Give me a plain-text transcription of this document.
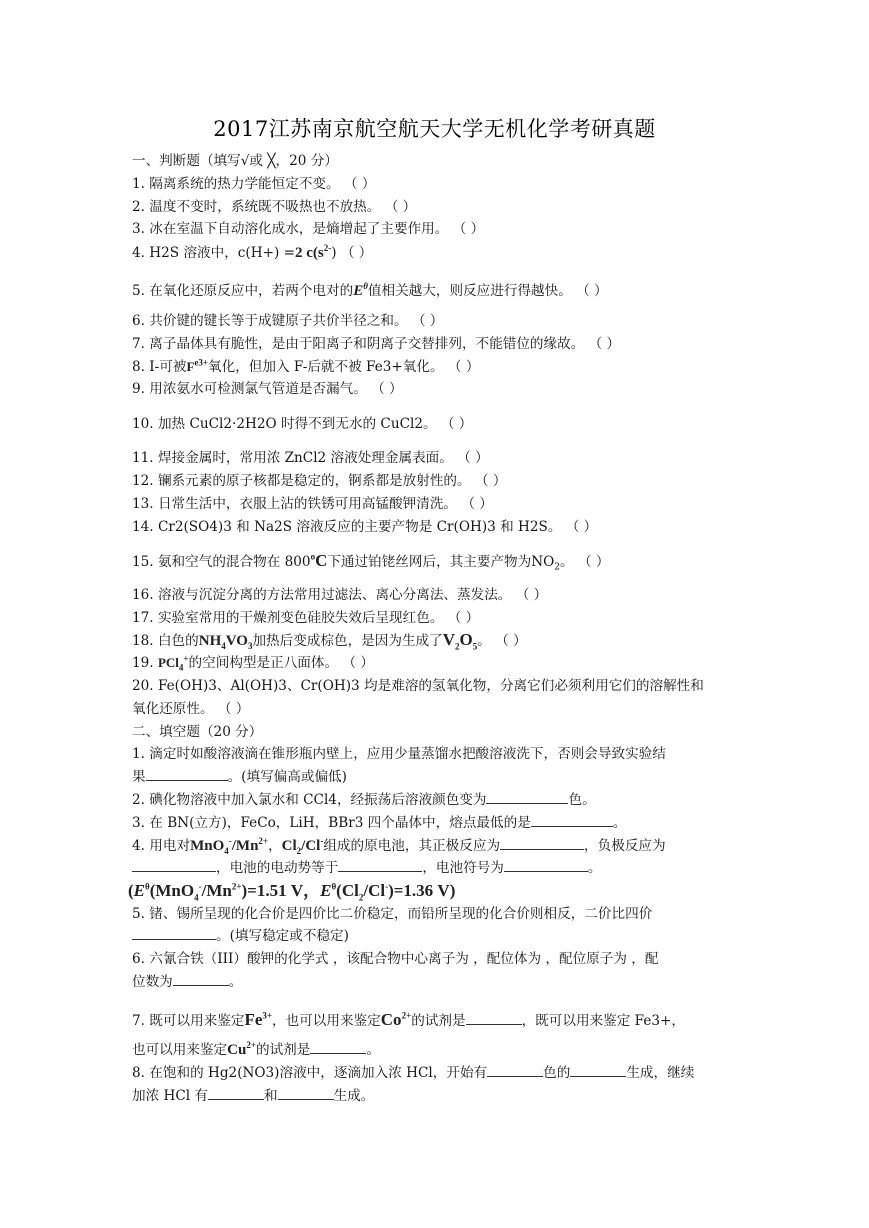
2017江苏南京航空航天大学无机化学考研真题
一、判断题（填写√或 ╳，20 分）
1. 隔离系统的热力学能恒定不变。 （ ）
2. 温度不变时，系统既不吸热也不放热。 （ ）
3. 冰在室温下自动溶化成水，是熵增起了主要作用。 （ ）
4. H2S 溶液中，c(H+) =2 $c(s^{2-})$ （ ）
5. 在氧化还原反应中，若两个电对的$E^\theta$值相关越大，则反应进行得越快。 （ ）
6. 共价键的键长等于成键原子共价半径之和。 （ ）
7. 离子晶体具有脆性，是由于阳离子和阴离子交替排列，不能错位的缘故。 （ ）
8. I-可被$F^{e3+}$氧化，但加入 F-后就不被 Fe3+氧化。 （ ）
9. 用浓氨水可检测氯气管道是否漏气。 （ ）
10. 加热 CuCl2·2H2O 时得不到无水的 CuCl2。 （ ）
11. 焊接金属时，常用浓 ZnCl2 溶液处理金属表面。 （ ）
12. 镧系元素的原子核都是稳定的，锕系都是放射性的。 （ ）
13. 日常生活中，衣服上沾的铁锈可用高锰酸钾清洗。 （ ）
14. Cr2(SO4)3 和 Na2S 溶液反应的主要产物是 Cr(OH)3 和 H2S。 （ ）
15. 氨和空气的混合物在 800$^o$C下通过铂铑丝网后，其主要产物为$NO_2$。 （ ）
16. 溶液与沉淀分离的方法常用过滤法、离心分离法、蒸发法。 （ ）
17. 实验室常用的干燥剂变色硅胶失效后呈现红色。 （ ）
18. 白色的$NH_4VO_3$加热后变成棕色，是因为生成了$V_2O_5$。 （ ）
19. PCl$_4$+的空间构型是正八面体。 （ ）
20. Fe(OH)3、Al(OH)3、Cr(OH)3 均是难溶的氢氧化物，分离它们必须利用它们的溶解性和
氧化还原性。 （ ）
二、填空题（20 分）
1. 滴定时如酸溶液滴在锥形瓶内壁上，应用少量蒸馏水把酸溶液洗下，否则会导致实验结
果	。(填写偏高或偏低)
2. 碘化物溶液中加入氯水和 CCl4，经振荡后溶液颜色变为	色。
3. 在 BN(立方)，FeCo，LiH，BBr3 四个晶体中，熔点最低的是	。
4. 用电对$MnO_4^-/Mn^{2+}$，$Cl_2/Cl^-$组成的原电池，其正极反应为	，负极反应为
，电池的电动势等于	，电池符号为	。
($E^\theta(MnO_4^-/Mn^{2+})=1.51$ V，$E^\theta(Cl_2/Cl^-)=1.36$ V)
5. 锗、锡所呈现的化合价是四价比二价稳定，而铅所呈现的化合价则相反，二价比四价
。(填写稳定或不稳定)
6. 六氰合铁（III）酸钾的化学式 ，该配合物中心离子为 ，配位体为 ，配位原子为 ，配
位数为	。
7. 既可以用来鉴定$Fe^{3+}$，也可以用来鉴定$Co^{2+}$的试剂是	，既可以用来鉴定 Fe3+，
也可以用来鉴定$Cu^{2+}$的试剂是	。
8. 在饱和的 Hg2(NO3)溶液中，逐滴加入浓 HCl，开始有	色的	生成，继续
加浓 HCl 有	和	生成。
